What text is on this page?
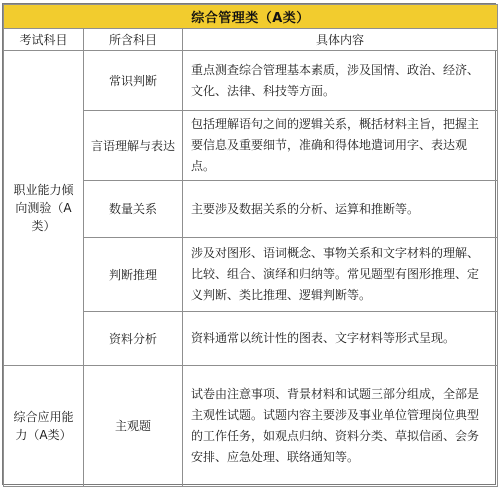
综合管理类（A类）		
考试科目	所含科目	具体内容
职业能力倾向测验（A类）	常识判断	重点测查综合管理基本素质，涉及国情、政治、经济、文化、法律、科技等方面。
	言语理解与表达	包括理解语句之间的逻辑关系，概括材料主旨，把握主要信息及重要细节，准确和得体地遣词用字、表达观点。
	数量关系	主要涉及数据关系的分析、运算和推断等。
	判断推理	涉及对图形、语词概念、事物关系和文字材料的理解、比较、组合、演绎和归纳等。常见题型有图形推理、定义判断、类比推理、逻辑判断等。
	资料分析	资料通常以统计性的图表、文字材料等形式呈现。
综合应用能力（A类）	主观题	试卷由注意事项、背景材料和试题三部分组成，全部是主观性试题。试题内容主要涉及事业单位管理岗位典型的工作任务，如观点归纳、资料分类、草拟信函、会务安排、应急处理、联络通知等。
